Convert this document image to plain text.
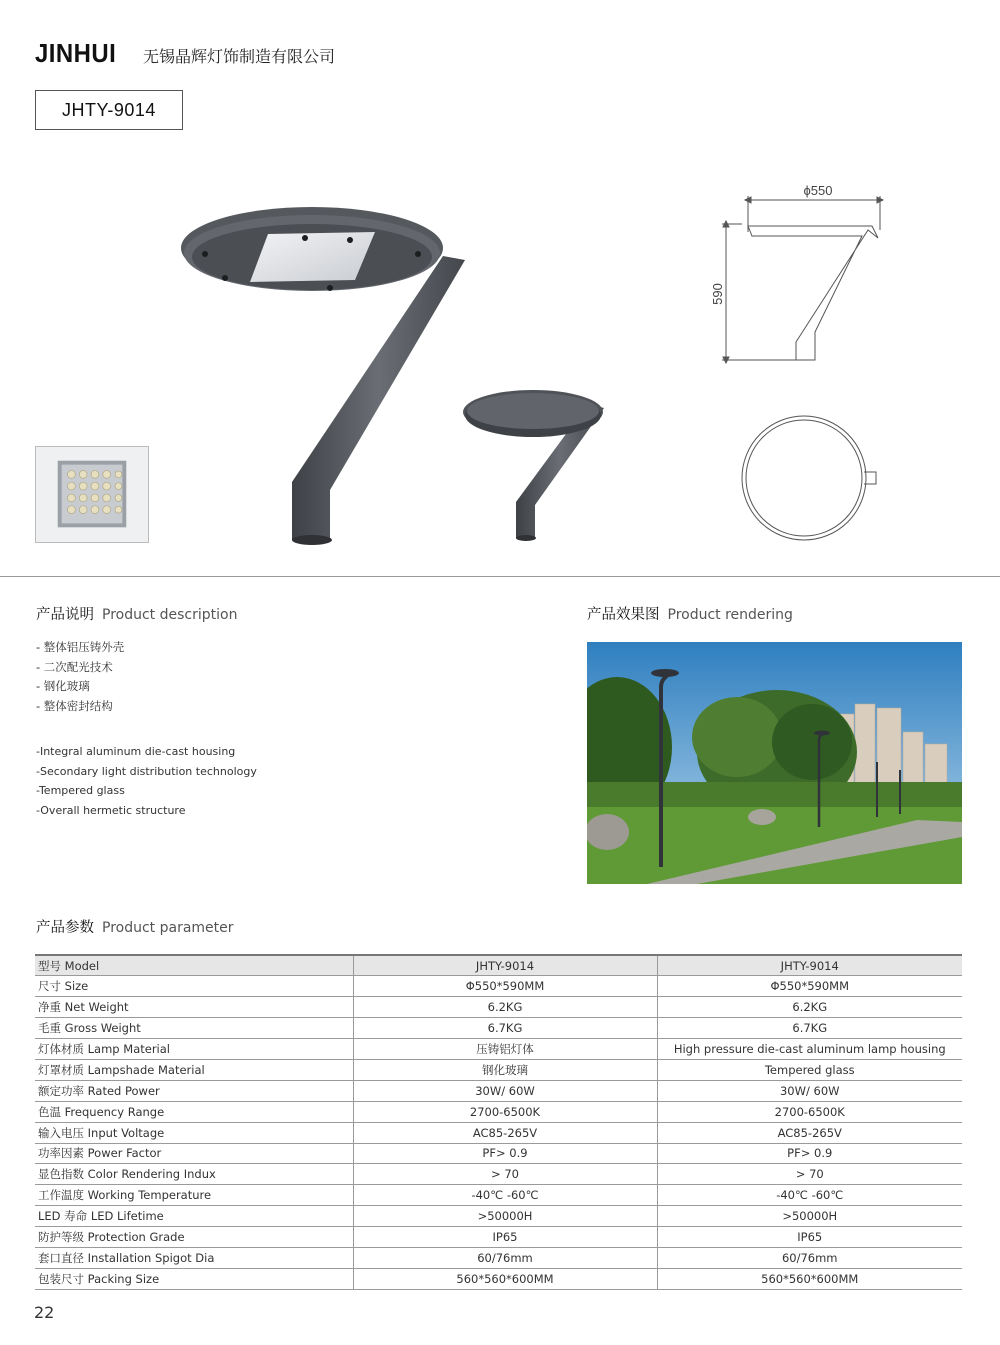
JINHUI 无锡晶辉灯饰制造有限公司
JHTY-9014
ϕ550
590
产品说明 Product description
- 整体铝压铸外壳
- 二次配光技术
- 钢化玻璃
- 整体密封结构
-Integral aluminum die-cast housing
-Secondary light distribution technology
-Tempered glass
-Overall hermetic structure
产品效果图 Product rendering
产品参数 Product parameter
型号 Model	JHTY-9014	JHTY-9014
尺寸 Size	Φ550*590MM	Φ550*590MM
净重 Net Weight	6.2KG	6.2KG
毛重 Gross Weight	6.7KG	6.7KG
灯体材质 Lamp Material	压铸铝灯体	High pressure die-cast aluminum lamp housing
灯罩材质 Lampshade Material	钢化玻璃	Tempered glass
额定功率 Rated Power	30W/ 60W	30W/ 60W
色温 Frequency Range	2700-6500K	2700-6500K
输入电压 Input Voltage	AC85-265V	AC85-265V
功率因素 Power Factor	PF> 0.9	PF> 0.9
显色指数 Color Rendering Indux	> 70	> 70
工作温度 Working Temperature	-40℃ -60℃	-40℃ -60℃
LED 寿命 LED Lifetime	>50000H	>50000H
防护等级 Protection Grade	IP65	IP65
套口直径 Installation Spigot Dia	60/76mm	60/76mm
包装尺寸 Packing Size	560*560*600MM	560*560*600MM
22
